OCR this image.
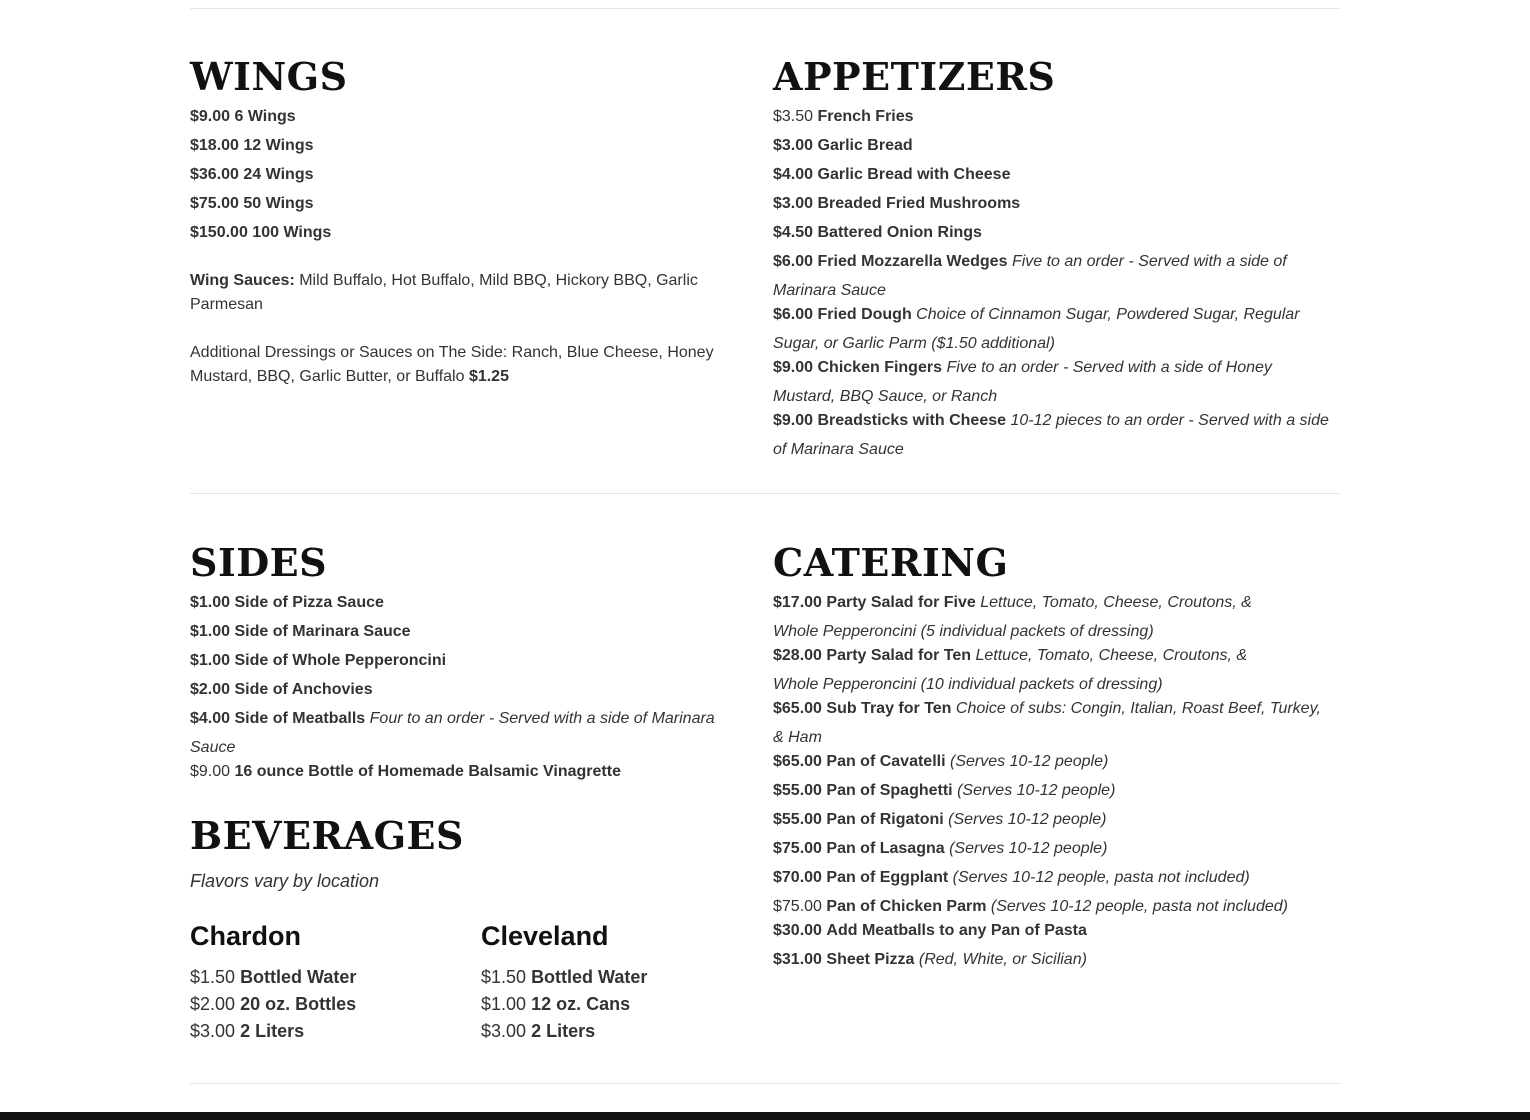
WINGS
$9.00 6 Wings
$18.00 12 Wings
$36.00 24 Wings
$75.00 50 Wings
$150.00 100 Wings

Wing Sauces: Mild Buffalo, Hot Buffalo, Mild BBQ, Hickory BBQ, Garlic Parmesan

Additional Dressings or Sauces on The Side: Ranch, Blue Cheese, Honey Mustard, BBQ, Garlic Butter, or Buffalo $1.25

APPETIZERS
$3.50 French Fries
$3.00 Garlic Bread
$4.00 Garlic Bread with Cheese
$3.00 Breaded Fried Mushrooms
$4.50 Battered Onion Rings
$6.00 Fried Mozzarella Wedges Five to an order - Served with a side of Marinara Sauce
$6.00 Fried Dough Choice of Cinnamon Sugar, Powdered Sugar, Regular Sugar, or Garlic Parm ($1.50 additional)
$9.00 Chicken Fingers Five to an order - Served with a side of Honey Mustard, BBQ Sauce, or Ranch
$9.00 Breadsticks with Cheese 10-12 pieces to an order - Served with a side of Marinara Sauce
SIDES
$1.00 Side of Pizza Sauce
$1.00 Side of Marinara Sauce
$1.00 Side of Whole Pepperoncini
$2.00 Side of Anchovies
$4.00 Side of Meatballs Four to an order - Served with a side of Marinara Sauce
$9.00 16 ounce Bottle of Homemade Balsamic Vinagrette
BEVERAGES
Flavors vary by location
Chardon
$1.50 Bottled Water
$2.00 20 oz. Bottles
$3.00 2 Liters
Cleveland
$1.50 Bottled Water
$1.00 12 oz. Cans
$3.00 2 Liters
CATERING
$17.00 Party Salad for Five Lettuce, Tomato, Cheese, Croutons, & Whole Pepperoncini (5 individual packets of dressing)
$28.00 Party Salad for Ten Lettuce, Tomato, Cheese, Croutons, & Whole Pepperoncini (10 individual packets of dressing)
$65.00 Sub Tray for Ten Choice of subs: Congin, Italian, Roast Beef, Turkey, & Ham
$65.00 Pan of Cavatelli (Serves 10-12 people)
$55.00 Pan of Spaghetti (Serves 10-12 people)
$55.00 Pan of Rigatoni (Serves 10-12 people)
$75.00 Pan of Lasagna (Serves 10-12 people)
$70.00 Pan of Eggplant (Serves 10-12 people, pasta not included)
$75.00 Pan of Chicken Parm (Serves 10-12 people, pasta not included)
$30.00 Add Meatballs to any Pan of Pasta
$31.00 Sheet Pizza (Red, White, or Sicilian)
